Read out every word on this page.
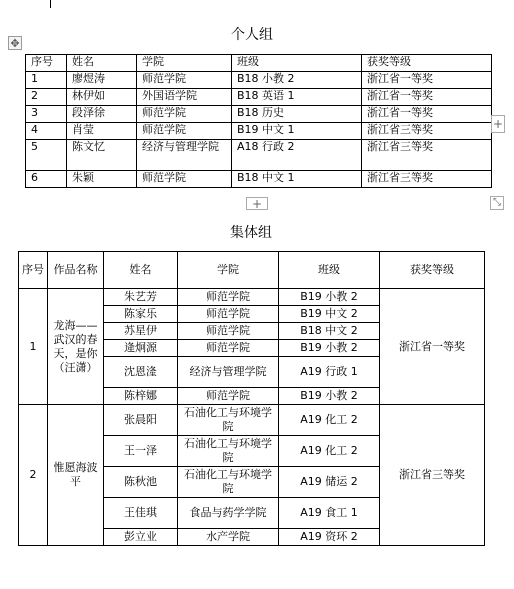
✥
个人组
序号	姓名	学院	班级	获奖等级
1	廖煜涛	师范学院	B18 小教 2	浙江省一等奖
2	林伊如	外国语学院	B18 英语 1	浙江省一等奖
3	段泽徐	师范学院	B18 历史	浙江省一等奖
4	肖莹	师范学院	B19 中文 1	浙江省三等奖
5	陈文忆	经济与管理学院	A18 行政 2	浙江省三等奖
6	朱颖	师范学院	B18 中文 1	浙江省三等奖
+
+	⤡
集体组
序号	作品名称	姓名	学院	班级	获奖等级
1	龙海——武汉的春天，是你（汪潇）	朱艺芳	师范学院	B19 小教 2	浙江省一等奖
		陈家乐	师范学院	B19 中文 2	
		苏星伊	师范学院	B18 中文 2	
		逄炯源	师范学院	B19 小教 2	
		沈恩湰	经济与管理学院	A19 行政 1	
		陈梓娜	师范学院	B19 小教 2	
2	惟愿海波平	张晨阳	石油化工与环境学院	A19 化工 2	浙江省三等奖
		王一泽	石油化工与环境学院	A19 化工 2	
		陈秋池	石油化工与环境学院	A19 储运 2	
		王佳琪	食品与药学学院	A19 食工 1	
		彭立业	水产学院	A19 资环 2	
